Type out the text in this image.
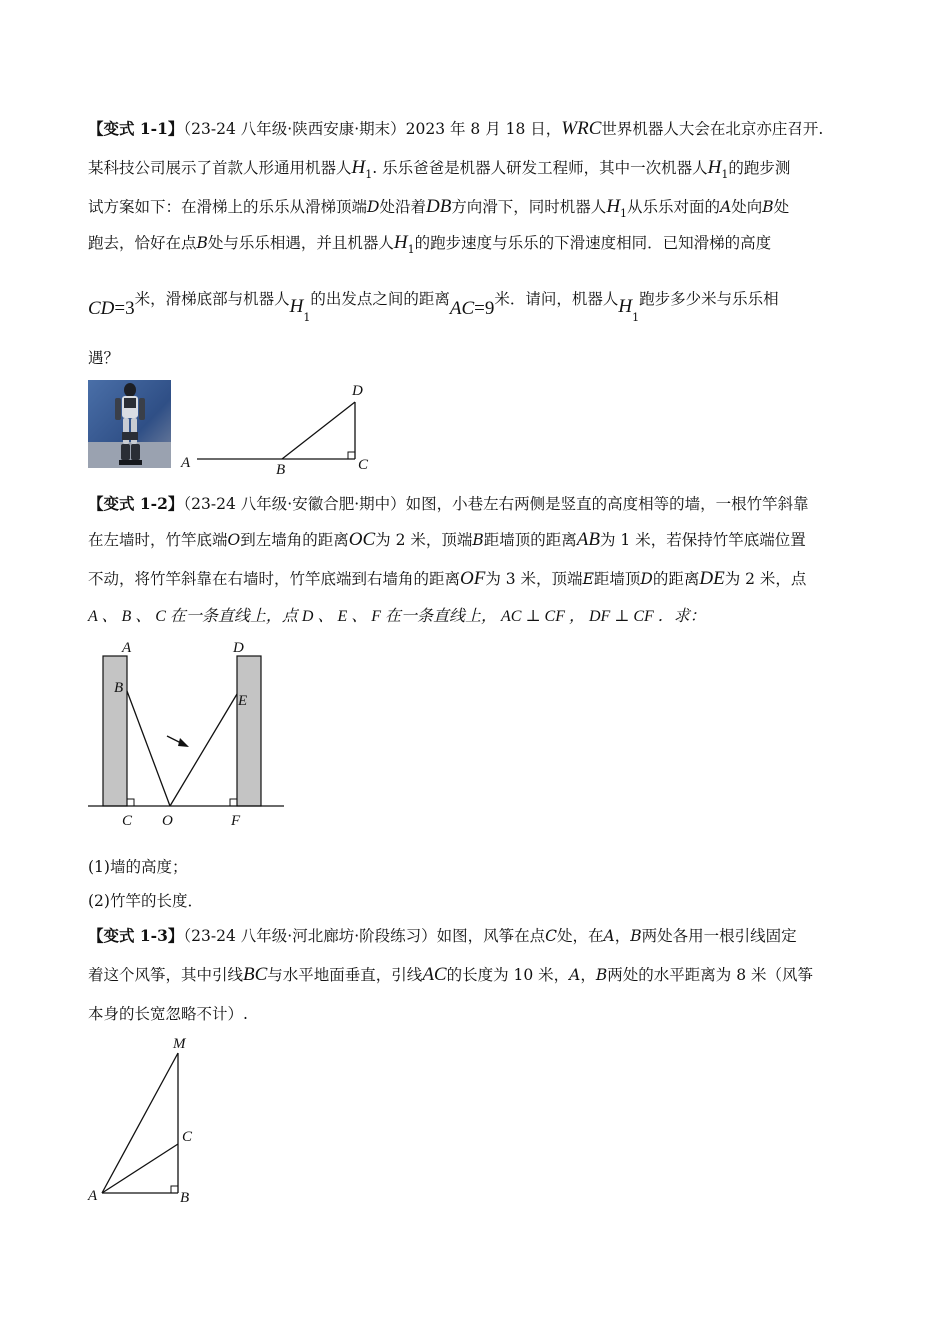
【变式 1-1】（23-24 八年级·陕西安康·期末）2023 年 8 月 18 日，WRC世界机器人大会在北京亦庄召开.
某科技公司展示了首款人形通用机器人$H_1$. 乐乐爸爸是机器人研发工程师，其中一次机器人$H_1$的跑步测
试方案如下：在滑梯上的乐乐从滑梯顶端D处沿着DB方向滑下，同时机器人$H_1$从乐乐对面的A处向B处
跑去，恰好在点B处与乐乐相遇，并且机器人$H_1$的跑步速度与乐乐的下滑速度相同．已知滑梯的高度
CD=3米，滑梯底部与机器人$H_1$的出发点之间的距离AC=9米．请问，机器人$H_1$跑步多少米与乐乐相
遇？
A	B	C
D
【变式 1-2】（23-24 八年级·安徽合肥·期中）如图，小巷左右两侧是竖直的高度相等的墙，一根竹竿斜靠
在左墙时，竹竿底端O到左墙角的距离OC为 2 米，顶端B距墙顶的距离AB为 1 米，若保持竹竿底端位置
不动，将竹竿斜靠在右墙时，竹竿底端到右墙角的距离OF为 3 米，顶端E距墙顶D的距离DE为 2 米，点
A 、 B 、 C 在一条直线上，点 D 、 E 、 F 在一条直线上， AC ⊥ CF ， DF ⊥ CF ．求：
A
B
C O	F
D
E
(1)墙的高度；
(2)竹竿的长度．
【变式 1-3】（23-24 八年级·河北廊坊·阶段练习）如图，风筝在点C处，在A，B两处各用一根引线固定
着这个风筝，其中引线BC与水平地面垂直，引线AC的长度为 10 米，A，B两处的水平距离为 8 米（风筝
本身的长宽忽略不计）.
M
C
A	B
